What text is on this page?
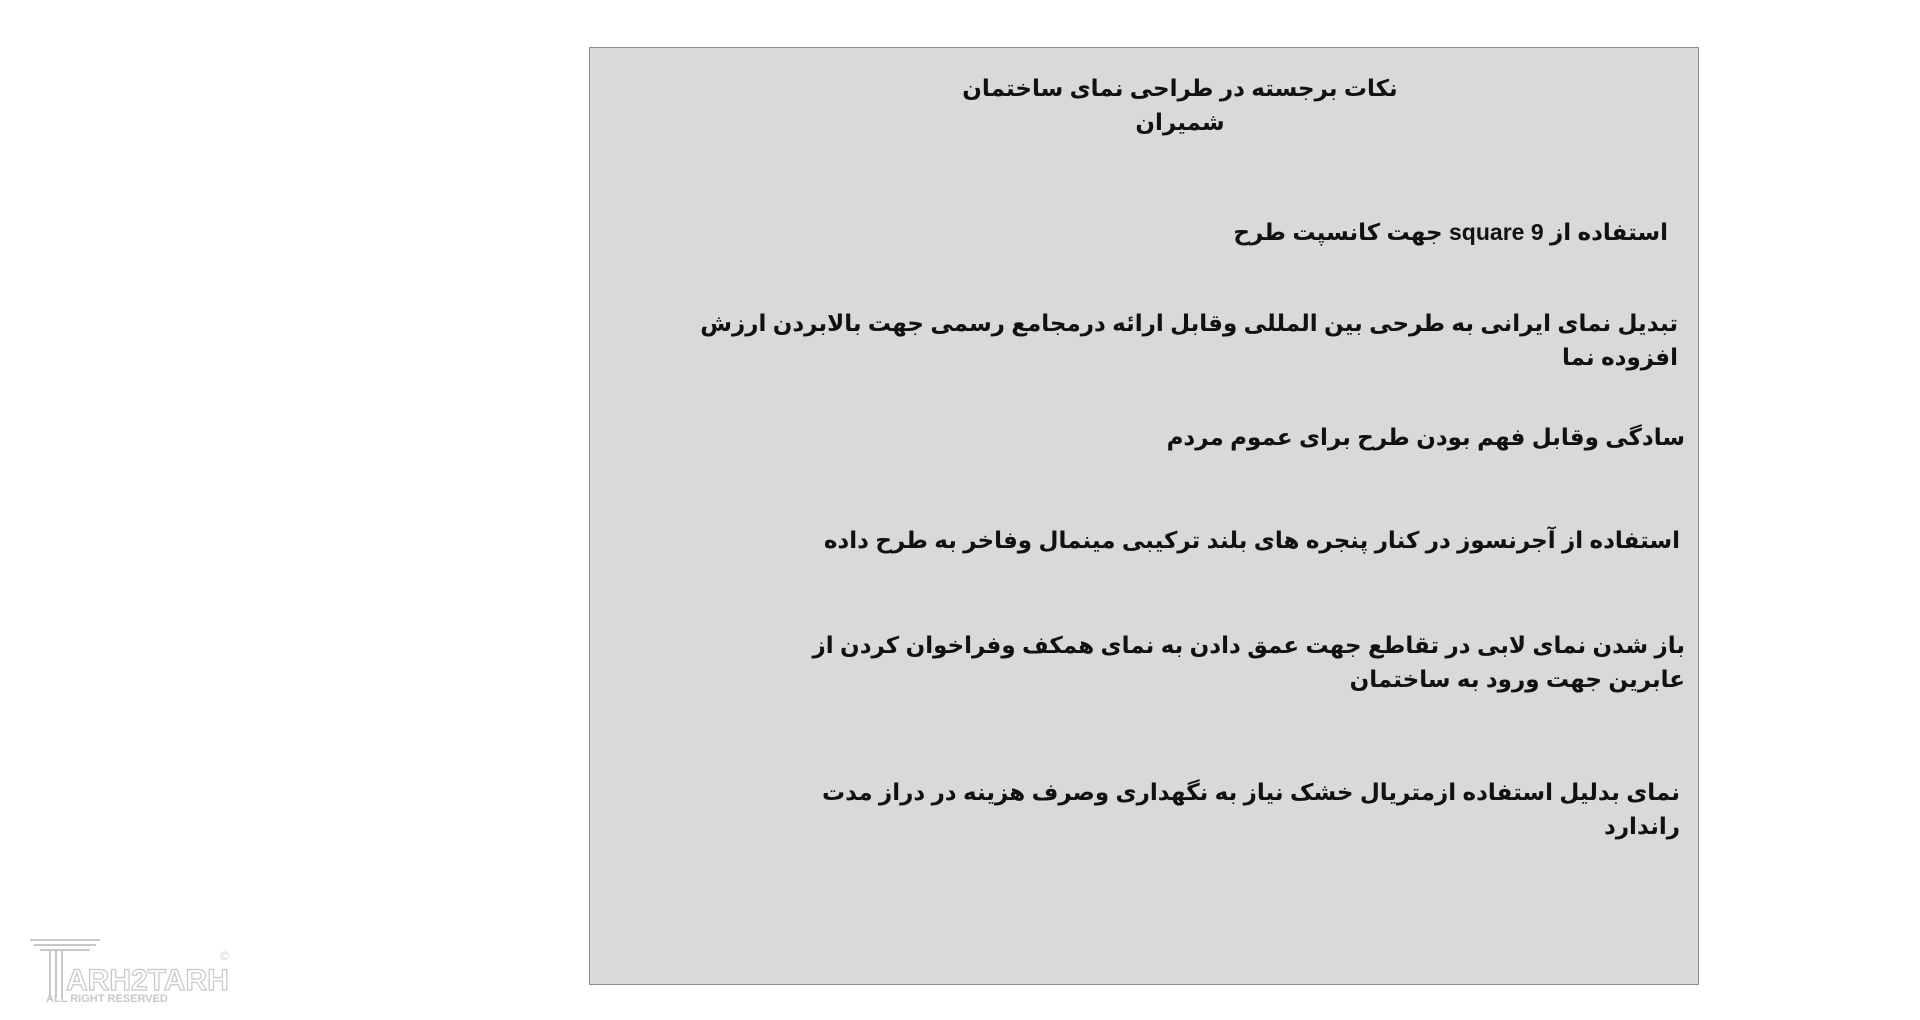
نکات برجسته در طراحی نمای ساختمان
شمیران

استفاده از square 9 جهت کانسپت طرح

تبدیل نمای ایرانی به طرحی بین المللی وقابل ارائه درمجامع رسمی جهت بالابردن ارزش افزوده نما

سادگی وقابل فهم بودن طرح برای عموم مردم

استفاده از آجرنسوز در کنار پنجره های بلند ترکیبی مینمال وفاخر به طرح داده

باز شدن نمای لابی در تقاطع جهت عمق دادن به نمای همکف وفراخوان کردن از عابرین جهت ورود به ساختمان

نمای بدلیل استفاده ازمتریال خشک نیاز به نگهداری وصرف هزینه در دراز مدت راندارد

ARH2TARH
ALL RIGHT RESERVED
©
